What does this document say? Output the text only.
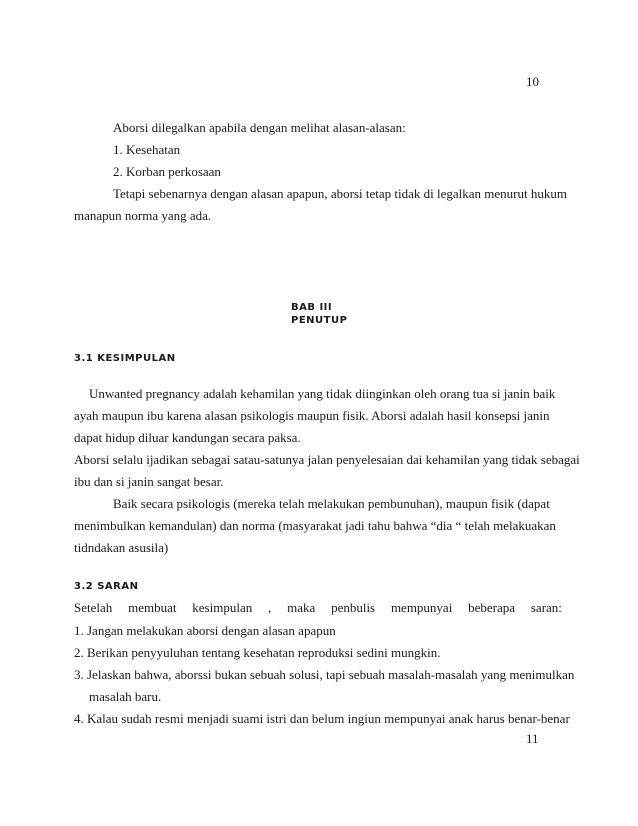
10
Aborsi dilegalkan apabila dengan melihat alasan-alasan:
1. Kesehatan
2. Korban perkosaan
Tetapi sebenarnya dengan alasan apapun, aborsi tetap tidak di legalkan menurut hukum
manapun norma yang ada.
BAB III
PENUTUP
3.1 KESIMPULAN
Unwanted pregnancy adalah kehamilan yang tidak diinginkan oleh orang tua si janin baik
ayah maupun ibu karena alasan psikologis maupun fisik. Aborsi adalah hasil konsepsi janin
dapat hidup diluar kandungan secara paksa.
Aborsi selalu ijadikan sebagai satau-satunya jalan penyelesaian dai kehamilan yang tidak sebagai
ibu dan si janin sangat besar.
Baik secara psikologis (mereka telah melakukan pembunuhan), maupun fisik (dapat
menimbulkan kemandulan) dan norma (masyarakat jadi tahu bahwa “dia “ telah melakuakan
tidndakan asusila)
3.2 SARAN
Setelah membuat kesimpulan , maka penbulis mempunyai beberapa saran:
1. Jangan melakukan aborsi dengan alasan apapun
2. Berikan penyyuluhan tentang kesehatan reproduksi sedini mungkin.
3. Jelaskan bahwa, aborssi bukan sebuah solusi, tapi sebuah masalah-masalah yang menimulkan
masalah baru.
4. Kalau sudah resmi menjadi suami istri dan belum ingiun mempunyai anak harus benar-benar
11
